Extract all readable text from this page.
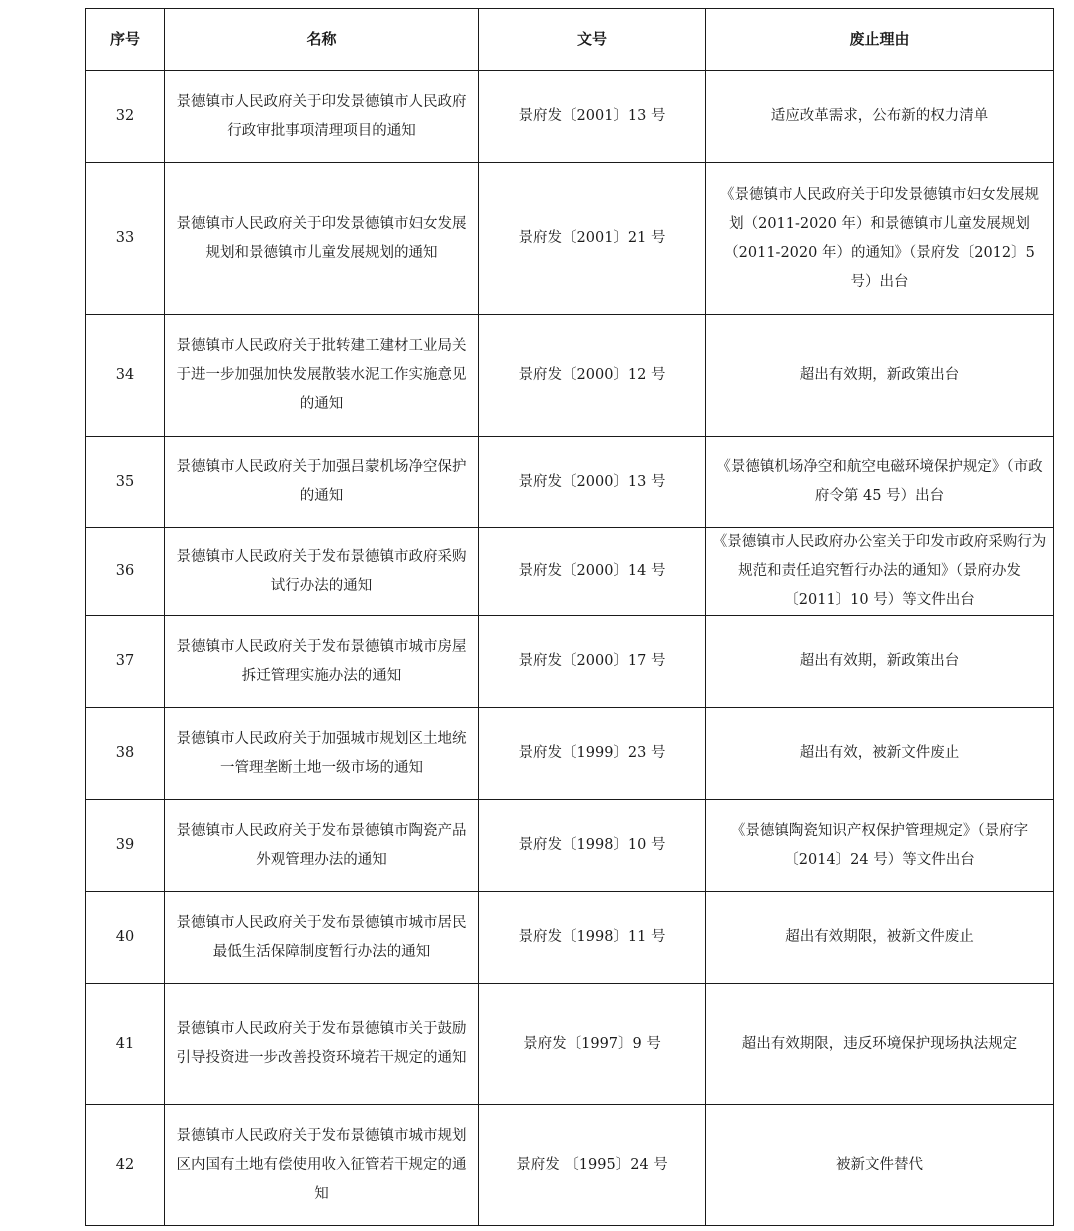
序号	名称	文号	废止理由
32	景德镇市人民政府关于印发景德镇市人民政府行政审批事项清理项目的通知	景府发〔2001〕13 号	适应改革需求，公布新的权力清单
33	景德镇市人民政府关于印发景德镇市妇女发展规划和景德镇市儿童发展规划的通知	景府发〔2001〕21 号	《景德镇市人民政府关于印发景德镇市妇女发展规划（2011-2020 年）和景德镇市儿童发展规划（2011-2020 年）的通知》（景府发〔2012〕5 号）出台
34	景德镇市人民政府关于批转建工建材工业局关于进一步加强加快发展散装水泥工作实施意见的通知	景府发〔2000〕12 号	超出有效期，新政策出台
35	景德镇市人民政府关于加强吕蒙机场净空保护的通知	景府发〔2000〕13 号	《景德镇机场净空和航空电磁环境保护规定》（市政府令第 45 号）出台
36	景德镇市人民政府关于发布景德镇市政府采购试行办法的通知	景府发〔2000〕14 号	《景德镇市人民政府办公室关于印发市政府采购行为规范和责任追究暂行办法的通知》（景府办发〔2011〕10 号）等文件出台
37	景德镇市人民政府关于发布景德镇市城市房屋拆迁管理实施办法的通知	景府发〔2000〕17 号	超出有效期，新政策出台
38	景德镇市人民政府关于加强城市规划区土地统一管理垄断土地一级市场的通知	景府发〔1999〕23 号	超出有效，被新文件废止
39	景德镇市人民政府关于发布景德镇市陶瓷产品外观管理办法的通知	景府发〔1998〕10 号	《景德镇陶瓷知识产权保护管理规定》（景府字〔2014〕24 号）等文件出台
40	景德镇市人民政府关于发布景德镇市城市居民最低生活保障制度暂行办法的通知	景府发〔1998〕11 号	超出有效期限，被新文件废止
41	景德镇市人民政府关于发布景德镇市关于鼓励引导投资进一步改善投资环境若干规定的通知	景府发〔1997〕9 号	超出有效期限，违反环境保护现场执法规定
42	景德镇市人民政府关于发布景德镇市城市规划区内国有土地有偿使用收入征管若干规定的通知	景府发 〔1995〕24 号	被新文件替代
